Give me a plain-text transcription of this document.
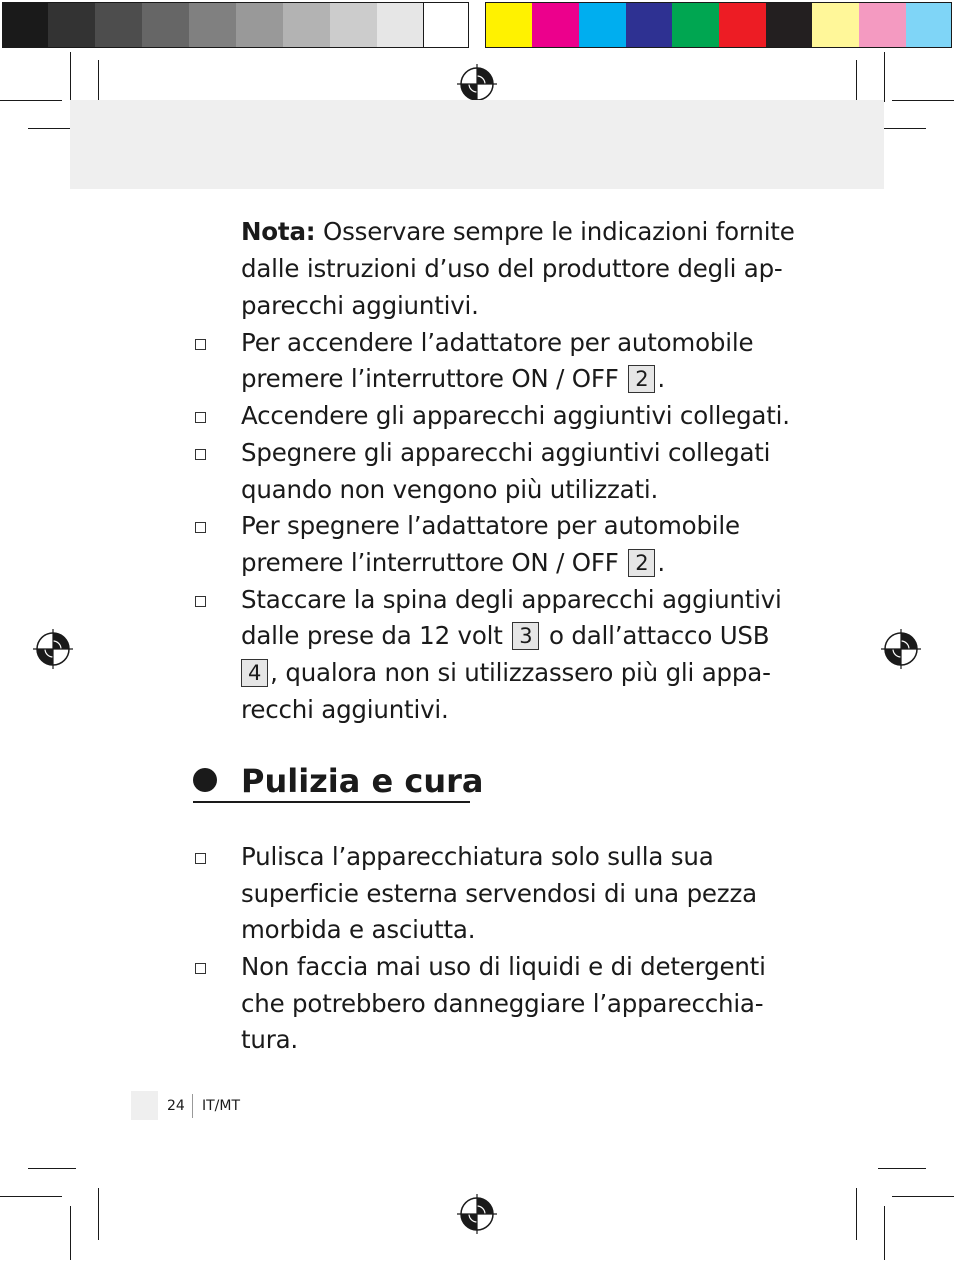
Nota: Osservare sempre le indicazioni fornite
dalle istruzioni d’uso del produttore degli ap-
parecchi aggiuntivi.
Per accendere l’adattatore per automobile
premere l’interruttore ON / OFF 2 .
Accendere gli apparecchi aggiuntivi collegati.
Spegnere gli apparecchi aggiuntivi collegati
quando non vengono più utilizzati.
Per spegnere l’adattatore per automobile
premere l’interruttore ON / OFF 2 .
Staccare la spina degli apparecchi aggiuntivi
dalle prese da 12 volt 3 o dall’attacco USB
4 , qualora non si utilizzassero più gli appa-
recchi aggiuntivi.
Pulizia e cura
Pulisca l’apparecchiatura solo sulla sua
superficie esterna servendosi di una pezza
morbida e asciutta.
Non faccia mai uso di liquidi e di detergenti
che potrebbero danneggiare l’apparecchia-
tura.
24 IT/MT
